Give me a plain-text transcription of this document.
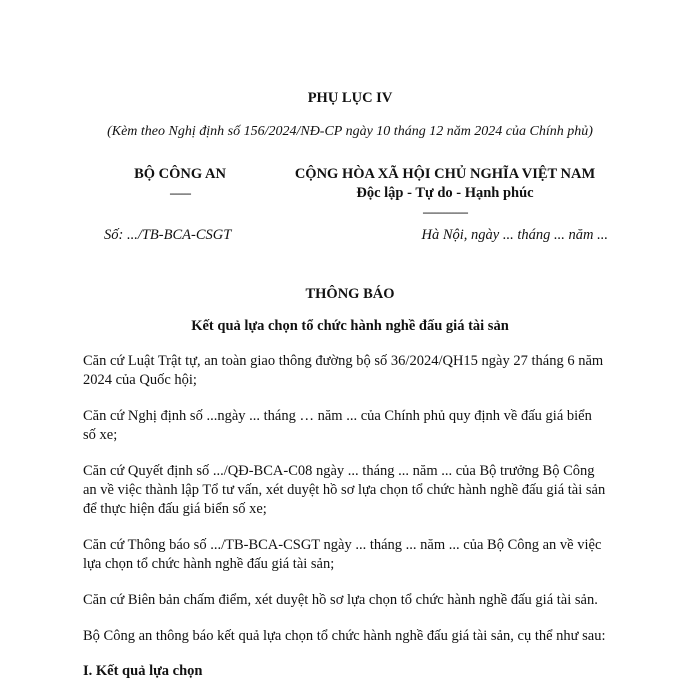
PHỤ LỤC IV
(Kèm theo Nghị định số 156/2024/NĐ-CP ngày 10 tháng 12 năm 2024 của Chính phủ)
BỘ CÔNG AN
-------
CỘNG HÒA XÃ HỘI CHỦ NGHĨA VIỆT NAM
Độc lập - Tự do - Hạnh phúc
---------------
Số: .../TB-BCA-CSGT	Hà Nội, ngày ... tháng ... năm ...
THÔNG BÁO
Kết quả lựa chọn tổ chức hành nghề đấu giá tài sản

Căn cứ Luật Trật tự, an toàn giao thông đường bộ số 36/2024/QH15 ngày 27 tháng 6 năm 2024 của Quốc hội;

Căn cứ Nghị định số ...ngày ... tháng … năm ... của Chính phủ quy định về đấu giá biển số xe;

Căn cứ Quyết định số .../QĐ-BCA-C08 ngày ... tháng ... năm ... của Bộ trưởng Bộ Công an về việc thành lập Tổ tư vấn, xét duyệt hồ sơ lựa chọn tổ chức hành nghề đấu giá tài sản để thực hiện đấu giá biển số xe;

Căn cứ Thông báo số .../TB-BCA-CSGT ngày ... tháng ... năm ... của Bộ Công an về việc lựa chọn tổ chức hành nghề đấu giá tài sản;

Căn cứ Biên bản chấm điểm, xét duyệt hồ sơ lựa chọn tổ chức hành nghề đấu giá tài sản.

Bộ Công an thông báo kết quả lựa chọn tổ chức hành nghề đấu giá tài sản, cụ thể như sau:

I. Kết quả lựa chọn
